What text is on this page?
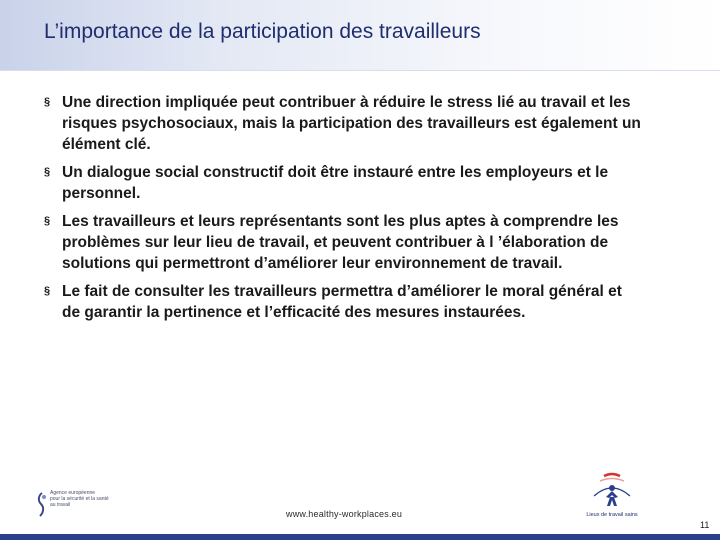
L’importance de la participation des travailleurs
§ Une direction impliquée peut contribuer à réduire le stress lié au travail et les risques psychosociaux, mais la participation des travailleurs est également un élément clé.
§ Un dialogue social constructif doit être instauré entre les employeurs et le personnel.
§ Les travailleurs et leurs représentants sont les plus aptes à comprendre les problèmes sur leur lieu de travail, et peuvent contribuer à l ’élaboration de solutions qui permettront d’améliorer leur environnement de travail.
§ Le fait de consulter les travailleurs permettra d’améliorer le moral général et de garantir la pertinence et l’efficacité des mesures instaurées.
Agence européenne
pour la sécurité et la santé
au travail
www.healthy-workplaces.eu	Lieux de travail sains
11
